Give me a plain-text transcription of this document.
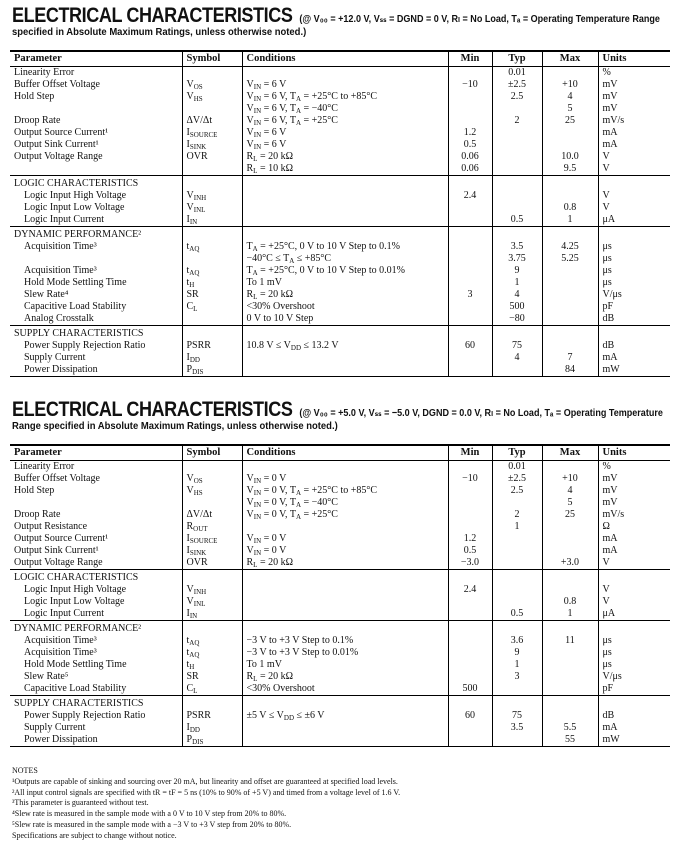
ELECTRICAL CHARACTERISTICS (@ V₀₀ = +12.0 V, Vₛₛ = DGND = 0 V, Rₗ = No Load, Tₐ = Operating Temperature Range
specified in Absolute Maximum Ratings, unless otherwise noted.)
Parameter	Symbol	Conditions	Min	Typ	Max	Units
Linearity Error				0.01		%
Buffer Offset Voltage	$V_{OS}$	$V_{IN} = 6$ V	−10	±2.5	+10	mV
Hold Step	$V_{HS}$	$V_{IN} = 6$ V, $T_A = +25^\circ C$ to +85°C		2.5	4	mV
		$V_{IN} = 6$ V, $T_A = -40^\circ C$			5	mV
Droop Rate	ΔV/Δt	$V_{IN} = 6$ V, $T_A = +25^\circ C$		2	25	mV/s
Output Source Current¹	$I_{SOURCE}$	$V_{IN} = 6$ V	1.2			mA
Output Sink Current¹	$I_{SINK}$	$V_{IN} = 6$ V	0.5			mA
Output Voltage Range	OVR	$R_L = 20$ kΩ	0.06		10.0	V
		$R_L = 10$ kΩ	0.06		9.5	V
LOGIC CHARACTERISTICS						
Logic Input High Voltage	$V_{INH}$		2.4			V
Logic Input Low Voltage	$V_{INL}$				0.8	V
Logic Input Current	$I_{IN}$			0.5	1	μA
DYNAMIC PERFORMANCE²						
Acquisition Time³	$t_{AQ}$	$T_A = +25^\circ C$, 0 V to 10 V Step to 0.1%		3.5	4.25	μs
		$-40^\circ C \le T_A \le +85^\circ C$		3.75	5.25	μs
Acquisition Time³	$t_{AQ}$	$T_A = +25^\circ C$, 0 V to 10 V Step to 0.01%		9		μs
Hold Mode Settling Time	$t_H$	To 1 mV		1		μs
Slew Rate⁴	SR	$R_L = 20$ kΩ	3	4		V/μs
Capacitive Load Stability	$C_L$	<30% Overshoot		500		pF
Analog Crosstalk		0 V to 10 V Step		−80		dB
SUPPLY CHARACTERISTICS						
Power Supply Rejection Ratio	PSRR	10.8 $V \le V_{DD} \le 13.2$ V	60	75		dB
Supply Current	$I_{DD}$			4	7	mA
Power Dissipation	$P_{DIS}$				84	mW

ELECTRICAL CHARACTERISTICS (@ V₀₀ = +5.0 V, Vₛₛ = −5.0 V, DGND = 0.0 V, Rₗ = No Load, Tₐ = Operating Temperature
Range specified in Absolute Maximum Ratings, unless otherwise noted.)
Parameter	Symbol	Conditions	Min	Typ	Max	Units
Linearity Error				0.01		%
Buffer Offset Voltage	$V_{OS}$	$V_{IN} = 0$ V	−10	±2.5	+10	mV
Hold Step	$V_{HS}$	$V_{IN} = 0$ V, $T_A = +25^\circ C$ to +85°C		2.5	4	mV
		$V_{IN} = 0$ V, $T_A = -40^\circ C$			5	mV
Droop Rate	ΔV/Δt	$V_{IN} = 0$ V, $T_A = +25^\circ C$		2	25	mV/s
Output Resistance	$R_{OUT}$			1		Ω
Output Source Current¹	$I_{SOURCE}$	$V_{IN} = 0$ V	1.2			mA
Output Sink Current¹	$I_{SINK}$	$V_{IN} = 0$ V	0.5			mA
Output Voltage Range	OVR	$R_L = 20$ kΩ	−3.0		+3.0	V
LOGIC CHARACTERISTICS						
Logic Input High Voltage	$V_{INH}$		2.4			V
Logic Input Low Voltage	$V_{INL}$				0.8	V
Logic Input Current	$I_{IN}$			0.5	1	μA
DYNAMIC PERFORMANCE²						
Acquisition Time³	$t_{AQ}$	−3 V to +3 V Step to 0.1%		3.6	11	μs
Acquisition Time³	$t_{AQ}$	−3 V to +3 V Step to 0.01%		9		μs
Hold Mode Settling Time	$t_H$	To 1 mV		1		μs
Slew Rate⁵	SR	$R_L = 20$ kΩ		3		V/μs
Capacitive Load Stability	$C_L$	<30% Overshoot	500			pF
SUPPLY CHARACTERISTICS						
Power Supply Rejection Ratio	PSRR	±5 $V \le V_{DD} \le \pm 6$ V	60	75		dB
Supply Current	$I_{DD}$			3.5	5.5	mA
Power Dissipation	$P_{DIS}$				55	mW

NOTES
¹Outputs are capable of sinking and sourcing over 20 mA, but linearity and offset are guaranteed at specified load levels.
²All input control signals are specified with tR = tF = 5 ns (10% to 90% of +5 V) and timed from a voltage level of 1.6 V.
³This parameter is guaranteed without test.
⁴Slew rate is measured in the sample mode with a 0 V to 10 V step from 20% to 80%.
⁵Slew rate is measured in the sample mode with a −3 V to +3 V step from 20% to 80%.
Specifications are subject to change without notice.
